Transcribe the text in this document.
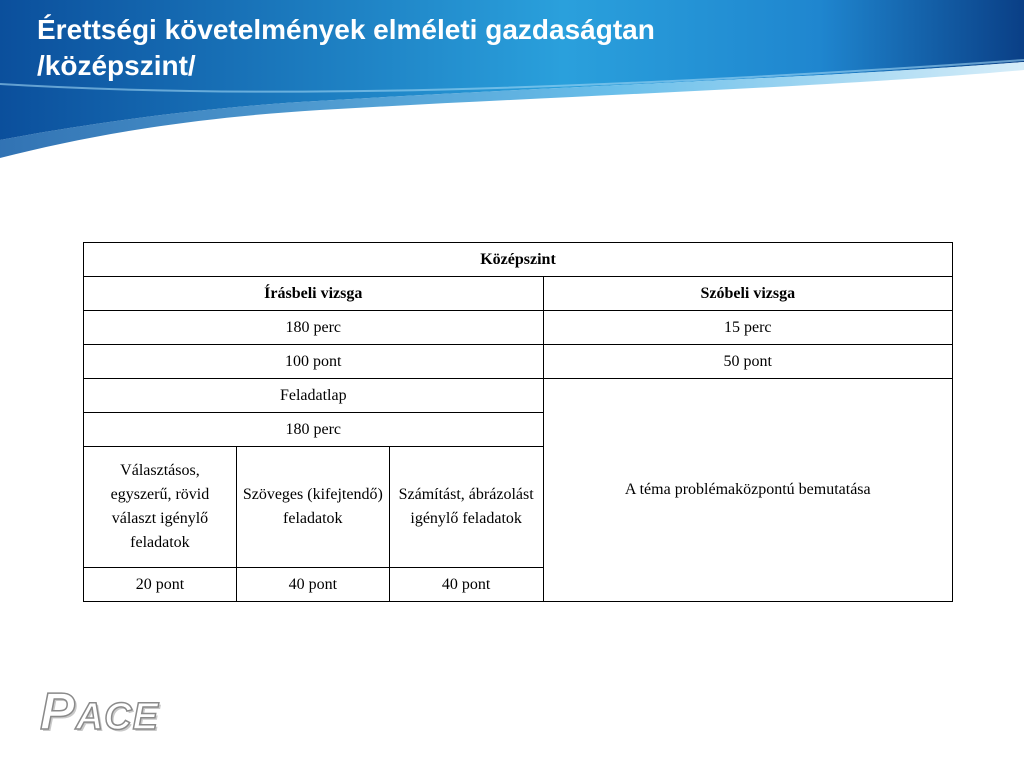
Érettségi követelmények elméleti gazdaságtan
/középszint/
Középszint			
Írásbeli vizsga			Szóbeli vizsga
180 perc			15 perc
100 pont			50 pont
Feladatlap			A téma problémaközpontú bemutatása
180 perc			
Választásos, egyszerű, rövid választ igénylő feladatok	Szöveges (kifejtendő) feladatok	Számítást, ábrázolást igénylő feladatok	
20 pont	40 pont	40 pont	
PACE
